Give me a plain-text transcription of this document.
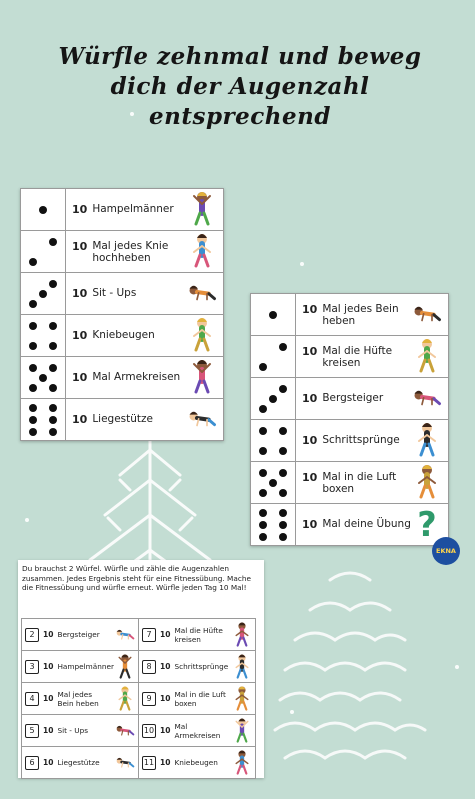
Würfle zehnmal und beweg
dich der Augenzahl
entsprechend

	10 Hampelmänner

	10 Mal jedes Knie hochheben

	10 Sit - Ups

	10 Kniebeugen

	10 Mal Armekreisen

	10 Liegestütze

	10 Mal jedes Bein heben

	10 Mal die Hüfte kreisen

	10 Bergsteiger

	10 Schrittsprünge

	10 Mal in die Luft boxen

	10 Mal deine Übung ?
EKNA
Du brauchst 2 Würfel. Würfle und zähle die Augenzahlen zusammen. Jedes Ergebnis steht für eine Fitnessübung. Mache die Fitnessübung und würfle erneut. Würfle jeden Tag 10 Mal!
2 10 Bergsteiger	7 10 Mal die Hüfte kreisen

3 10 Hampelmänner	8 10 Schrittsprünge

4 10 Mal jedes Bein heben	9 10 Mal in die Luft boxen

5 10 Sit - Ups	10 10 Mal Armekreisen

6 10 Liegestütze	11 10 Kniebeugen
